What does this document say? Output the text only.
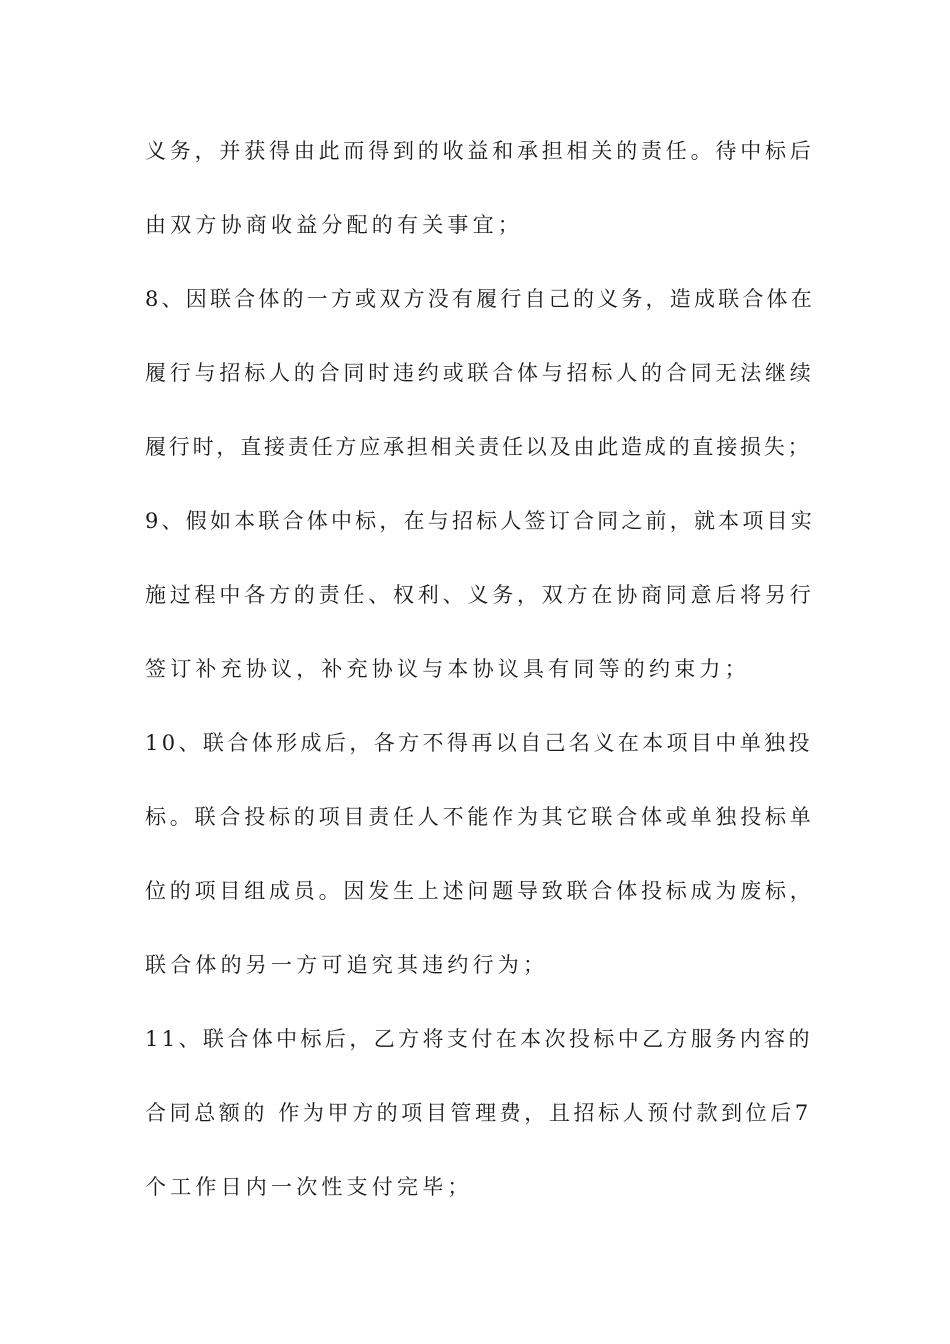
义务，并获得由此而得到的收益和承担相关的责任。待中标后
由双方协商收益分配的有关事宜；
8、因联合体的一方或双方没有履行自己的义务，造成联合体在
履行与招标人的合同时违约或联合体与招标人的合同无法继续
履行时，直接责任方应承担相关责任以及由此造成的直接损失；
9、假如本联合体中标，在与招标人签订合同之前，就本项目实
施过程中各方的责任、权利、义务，双方在协商同意后将另行
签订补充协议，补充协议与本协议具有同等的约束力；
10、联合体形成后，各方不得再以自己名义在本项目中单独投
标。联合投标的项目责任人不能作为其它联合体或单独投标单
位的项目组成员。因发生上述问题导致联合体投标成为废标，
联合体的另一方可追究其违约行为；
11、联合体中标后，乙方将支付在本次投标中乙方服务内容的
合同总额的 作为甲方的项目管理费，且招标人预付款到位后7
个工作日内一次性支付完毕；
